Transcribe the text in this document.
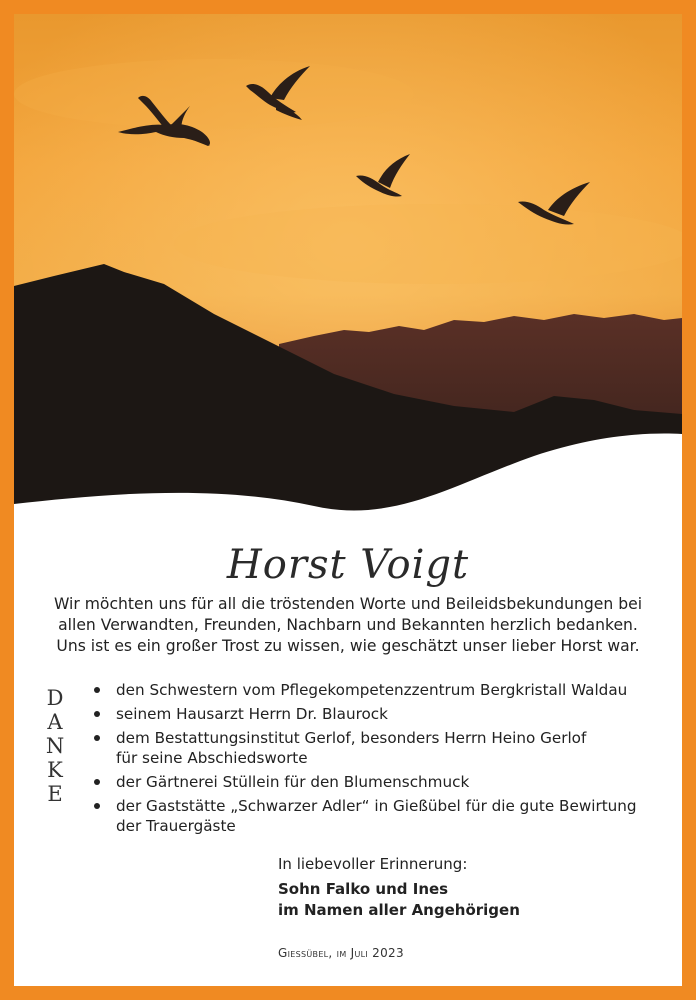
Horst Voigt
Wir möchten uns für all die tröstenden Worte und Beileidsbekundungen bei
allen Verwandten, Freunden, Nachbarn und Bekannten herzlich bedanken.
Uns ist es ein großer Trost zu wissen, wie geschätzt unser lieber Horst war.
D
A
N
K
E
den Schwestern vom Pflegekompetenzzentrum Bergkristall Waldau
seinem Hausarzt Herrn Dr. Blaurock
dem Bestattungsinstitut Gerlof, besonders Herrn Heino Gerlof
für seine Abschiedsworte
der Gärtnerei Stüllein für den Blumenschmuck
der Gaststätte „Schwarzer Adler“ in Gießübel für die gute Bewirtung
der Trauergäste
In liebevoller Erinnerung:
Sohn Falko und Ines
im Namen aller Angehörigen
Giessübel, im Juli 2023
